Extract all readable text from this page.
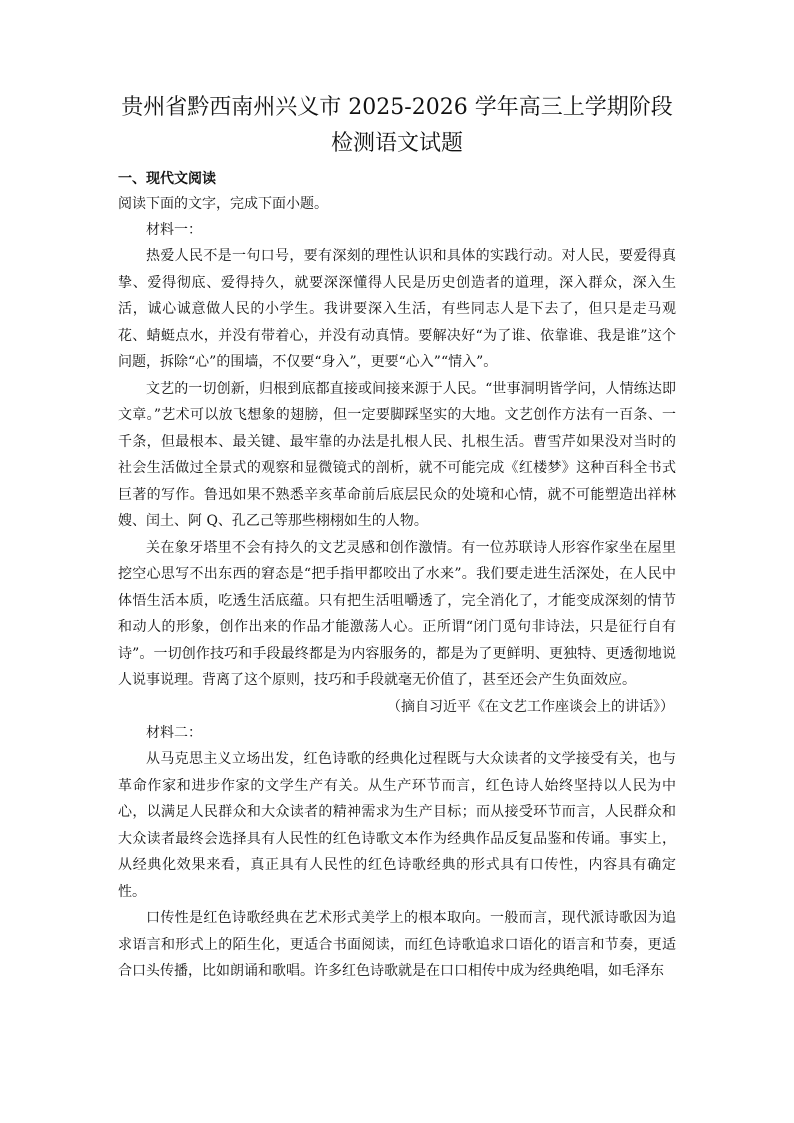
贵州省黔西南州兴义市 2025-2026 学年高三上学期阶段
检测语文试题

一、现代文阅读

阅读下面的文字，完成下面小题。

材料一：

热爱人民不是一句口号，要有深刻的理性认识和具体的实践行动。对人民，要爱得真挚、爱得彻底、爱得持久，就要深深懂得人民是历史创造者的道理，深入群众，深入生活，诚心诚意做人民的小学生。我讲要深入生活，有些同志人是下去了，但只是走马观花、蜻蜓点水，并没有带着心，并没有动真情。要解决好“为了谁、依靠谁、我是谁”这个问题，拆除“心”的围墙，不仅要“身入”，更要“心入”“情入”。

文艺的一切创新，归根到底都直接或间接来源于人民。“世事洞明皆学问，人情练达即文章。”艺术可以放飞想象的翅膀，但一定要脚踩坚实的大地。文艺创作方法有一百条、一千条，但最根本、最关键、最牢靠的办法是扎根人民、扎根生活。曹雪芹如果没对当时的社会生活做过全景式的观察和显微镜式的剖析，就不可能完成《红楼梦》这种百科全书式巨著的写作。鲁迅如果不熟悉辛亥革命前后底层民众的处境和心情，就不可能塑造出祥林嫂、闰土、阿 Q、孔乙己等那些栩栩如生的人物。

关在象牙塔里不会有持久的文艺灵感和创作激情。有一位苏联诗人形容作家坐在屋里挖空心思写不出东西的窘态是“把手指甲都咬出了水来”。我们要走进生活深处，在人民中体悟生活本质，吃透生活底蕴。只有把生活咀嚼透了，完全消化了，才能变成深刻的情节和动人的形象，创作出来的作品才能激荡人心。正所谓“闭门觅句非诗法，只是征行自有诗”。一切创作技巧和手段最终都是为内容服务的，都是为了更鲜明、更独特、更透彻地说人说事说理。背离了这个原则，技巧和手段就毫无价值了，甚至还会产生负面效应。

（摘自习近平《在文艺工作座谈会上的讲话》）

材料二：

从马克思主义立场出发，红色诗歌的经典化过程既与大众读者的文学接受有关，也与革命作家和进步作家的文学生产有关。从生产环节而言，红色诗人始终坚持以人民为中心，以满足人民群众和大众读者的精神需求为生产目标；而从接受环节而言，人民群众和大众读者最终会选择具有人民性的红色诗歌文本作为经典作品反复品鉴和传诵。事实上，从经典化效果来看，真正具有人民性的红色诗歌经典的形式具有口传性，内容具有确定性。

口传性是红色诗歌经典在艺术形式美学上的根本取向。一般而言，现代派诗歌因为追求语言和形式上的陌生化，更适合书面阅读，而红色诗歌追求口语化的语言和节奏，更适合口头传播，比如朗诵和歌唱。许多红色诗歌就是在口口相传中成为经典绝唱，如毛泽东
